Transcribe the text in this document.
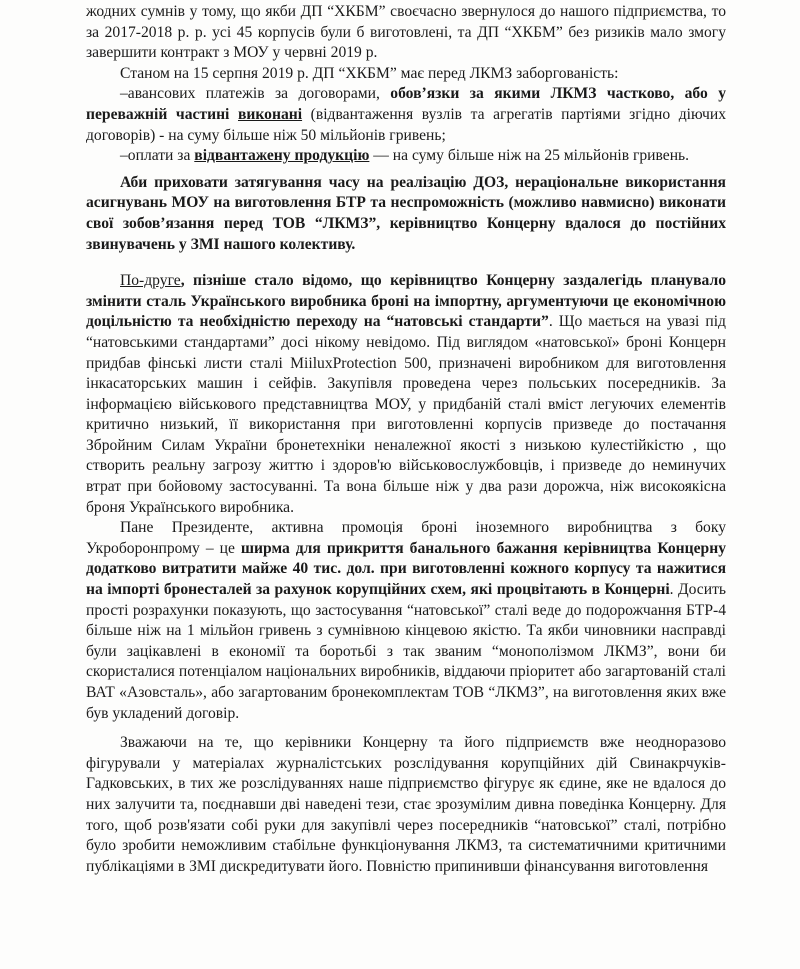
жодних сумнів у тому, що якби ДП “ХКБМ” своєчасно звернулося до нашого підприємства, то за 2017-2018 р. р. усі 45 корпусів були б виготовлені, та ДП “ХКБМ” без ризиків мало змогу завершити контракт з МОУ у червні 2019 р.

Станом на 15 серпня 2019 р. ДП “ХКБМ” має перед ЛКМЗ заборгованість:

–авансових платежів за договорами, обов’язки за якими ЛКМЗ частково, або у переважній частині виконані (відвантаження вузлів та агрегатів партіями згідно діючих договорів) - на суму більше ніж 50 мільйонів гривень;

–оплати за відвантажену продукцію — на суму більше ніж на 25 мільйонів гривень.

Аби приховати затягування часу на реалізацію ДОЗ, нераціональне використання асигнувань МОУ на виготовлення БТР та неспроможність (можливо навмисно) виконати свої зобов’язання перед ТОВ “ЛКМЗ”, керівництво Концерну вдалося до постійних звинувачень у ЗМІ нашого колективу.

По-друге, пізніше стало відомо, що керівництво Концерну заздалегідь планувало змінити сталь Українського виробника броні на імпортну, аргументуючи це економічною доцільністю та необхідністю переходу на “натовські стандарти”. Що мається на увазі під “натовськими стандартами” досі нікому невідомо. Під виглядом «натовської» броні Концерн придбав фінські листи сталі MiiluxProtection 500, призначені виробником для виготовлення інкасаторських машин і сейфів. Закупівля проведена через польських посередників. За інформацією військового представництва МОУ, у придбаній сталі вміст легуючих елементів критично низький, її використання при виготовленні корпусів призведе до постачання Збройним Силам України бронетехніки неналежної якості з низькою кулестійкістю , що створить реальну загрозу життю і здоров'ю військовослужбовців, і призведе до неминучих втрат при бойовому застосуванні. Та вона більше ніж у два рази дорожча, ніж високоякісна броня Українського виробника.

Пане Президенте, активна промоція броні іноземного виробництва з боку Укроборонпрому – це ширма для прикриття банального бажання керівництва Концерну додатково витратити майже 40 тис. дол. при виготовленні кожного корпусу та нажитися на імпорті бронесталей за рахунок корупційних схем, які процвітають в Концерні. Досить прості розрахунки показують, що застосування “натовської” сталі веде до подорожчання БТР-4 більше ніж на 1 мільйон гривень з сумнівною кінцевою якістю. Та якби чиновники насправді були зацікавлені в економії та боротьбі з так званим “монополізмом ЛКМЗ”, вони би скористалися потенціалом національних виробників, віддаючи пріоритет або загартованій сталі ВАТ «Азовсталь», або загартованим бронекомплектам ТОВ “ЛКМЗ”, на виготовлення яких вже був укладений договір.

Зважаючи на те, що керівники Концерну та його підприємств вже неодноразово фігурували у матеріалах журналістських розслідування корупційних дій Свинакрчуків-Гадковських, в тих же розслідуваннях наше підприємство фігурує як єдине, яке не вдалося до них залучити та, поєднавши дві наведені тези, стає зрозумілим дивна поведінка Концерну. Для того, щоб розв'язати собі руки для закупівлі через посередників “натовської” сталі, потрібно було зробити неможливим стабільне функціонування ЛКМЗ, та систематичними критичними публікаціями в ЗМІ дискредитувати його. Повністю припинивши фінансування виготовлення
